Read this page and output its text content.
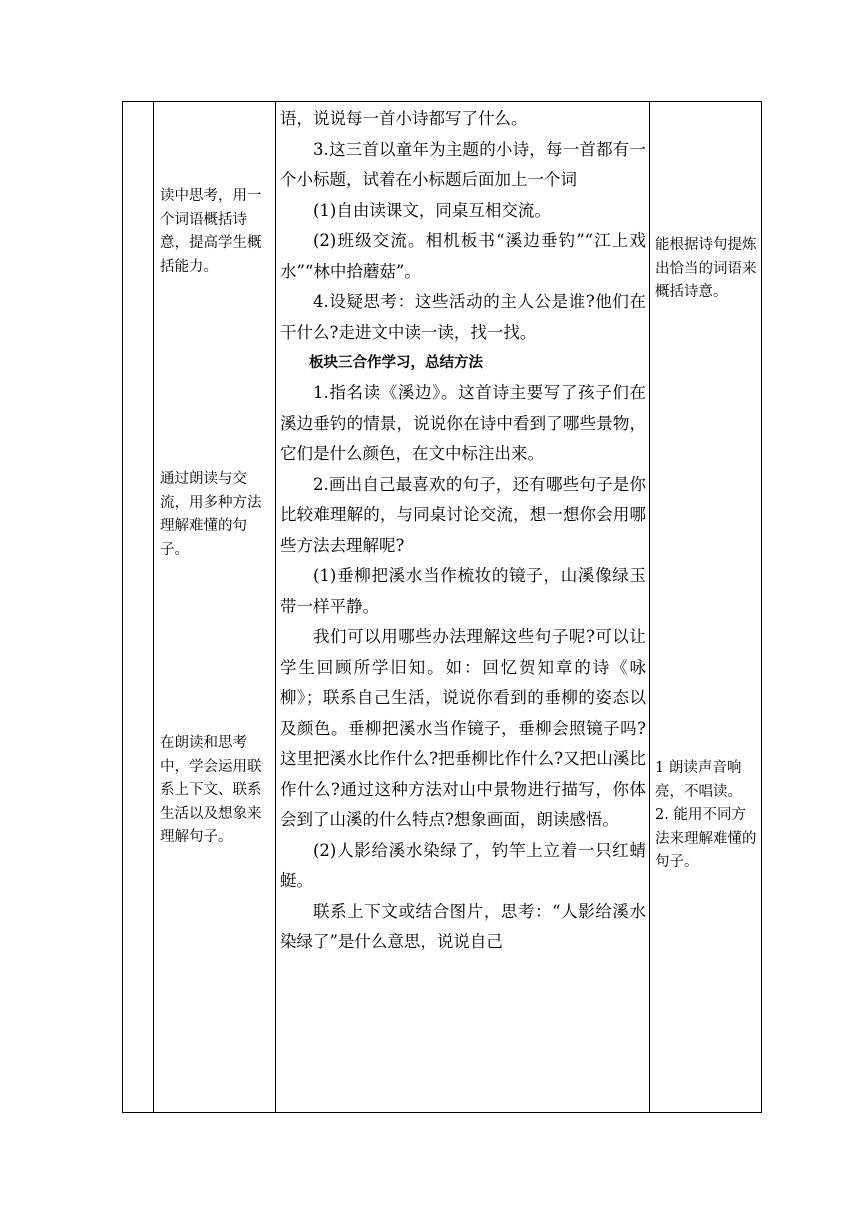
读中思考，用一个词语概括诗意，提高学生概括能力。
通过朗读与交流，用多种方法理解难懂的句子。
在朗读和思考中，学会运用联系上下文、联系生活以及想象来理解句子。

语，说说每一首小诗都写了什么。

3.这三首以童年为主题的小诗，每一首都有一个小标题，试着在小标题后面加上一个词

(1)自由读课文，同桌互相交流。

(2)班级交流。相机板书“溪边垂钓”“江上戏水”“林中拾蘑菇”。

4.设疑思考：这些活动的主人公是谁?他们在干什么?走进文中读一读，找一找。

板块三合作学习，总结方法

1.指名读《溪边》。这首诗主要写了孩子们在溪边垂钓的情景，说说你在诗中看到了哪些景物，它们是什么颜色，在文中标注出来。

2.画出自己最喜欢的句子，还有哪些句子是你比较难理解的，与同桌讨论交流，想一想你会用哪些方法去理解呢?

(1)垂柳把溪水当作梳妆的镜子，山溪像绿玉带一样平静。

我们可以用哪些办法理解这些句子呢?可以让学生回顾所学旧知。如：回忆贺知章的诗《咏柳》；联系自己生活，说说你看到的垂柳的姿态以及颜色。垂柳把溪水当作镜子，垂柳会照镜子吗?这里把溪水比作什么?把垂柳比作什么?又把山溪比作什么?通过这种方法对山中景物进行描写，你体会到了山溪的什么特点?想象画面，朗读感悟。

(2)人影给溪水染绿了，钓竿上立着一只红蜻蜓。

联系上下文或结合图片，思考：“人影给溪水染绿了”是什么意思，说说自己

能根据诗句提炼出恰当的词语来概括诗意。
1 朗读声音响亮，不唱读。
2. 能用不同方法来理解难懂的句子。
